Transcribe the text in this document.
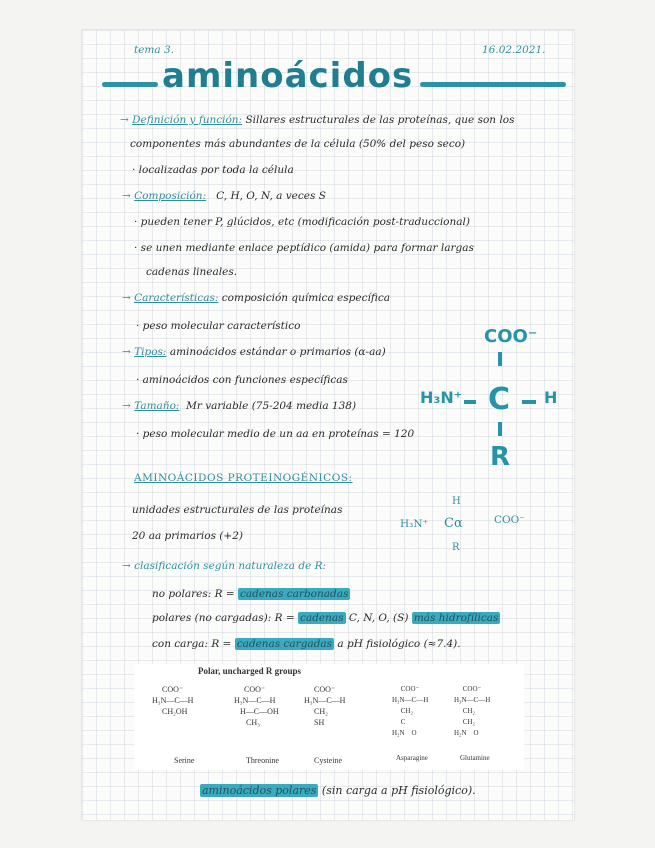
tema 3.	16.02.2021.
aminoácidos
→ Definición y función: Sillares estructurales de las proteínas, que son los
componentes más abundantes de la célula (50% del peso seco)
· localizadas por toda la célula
→ Composición: C, H, O, N, a veces S
· pueden tener P, glúcidos, etc (modificación post-traduccional)
· se unen mediante enlace peptídico (amida) para formar largas
cadenas lineales.
→ Características: composición química específica
· peso molecular característico
→ Tipos: aminoácidos estándar o primarios (α-aa)
· aminoácidos con funciones específicas
→ Tamaño: Mr variable (75-204 media 138)
· peso molecular medio de un aa en proteínas = 120
COO⁻
H₃N⁺ C H
R
AMINOÁCIDOS PROTEINOGÉNICOS:
unidades estructurales de las proteínas
20 aa primarios (+2)
H
H₃N⁺ Cα	COO⁻
R
→ clasificación según naturaleza de R:
no polares: R = cadenas carbonadas
polares (no cargadas): R = cadenas C, N, O, (S) más hidrofílicas
con carga: R = cadenas cargadas a pH fisiológico (≈7.4).
Polar, uncharged R groups
COO⁻
H₃N—C—H
CH₂OH
COO⁻
H₃N—C—H
H—C—OH
CH₃
COO⁻
H₃N—C—H
CH₂
SH
COO⁻
H₃N—C—H
CH₂
C
H₂N    O
COO⁻
H₃N—C—H
CH₂
CH₂
H₂N    O
Serine	Threonine	Cysteine	Asparagine	Glutamine
aminoácidos polares (sin carga a pH fisiológico).
